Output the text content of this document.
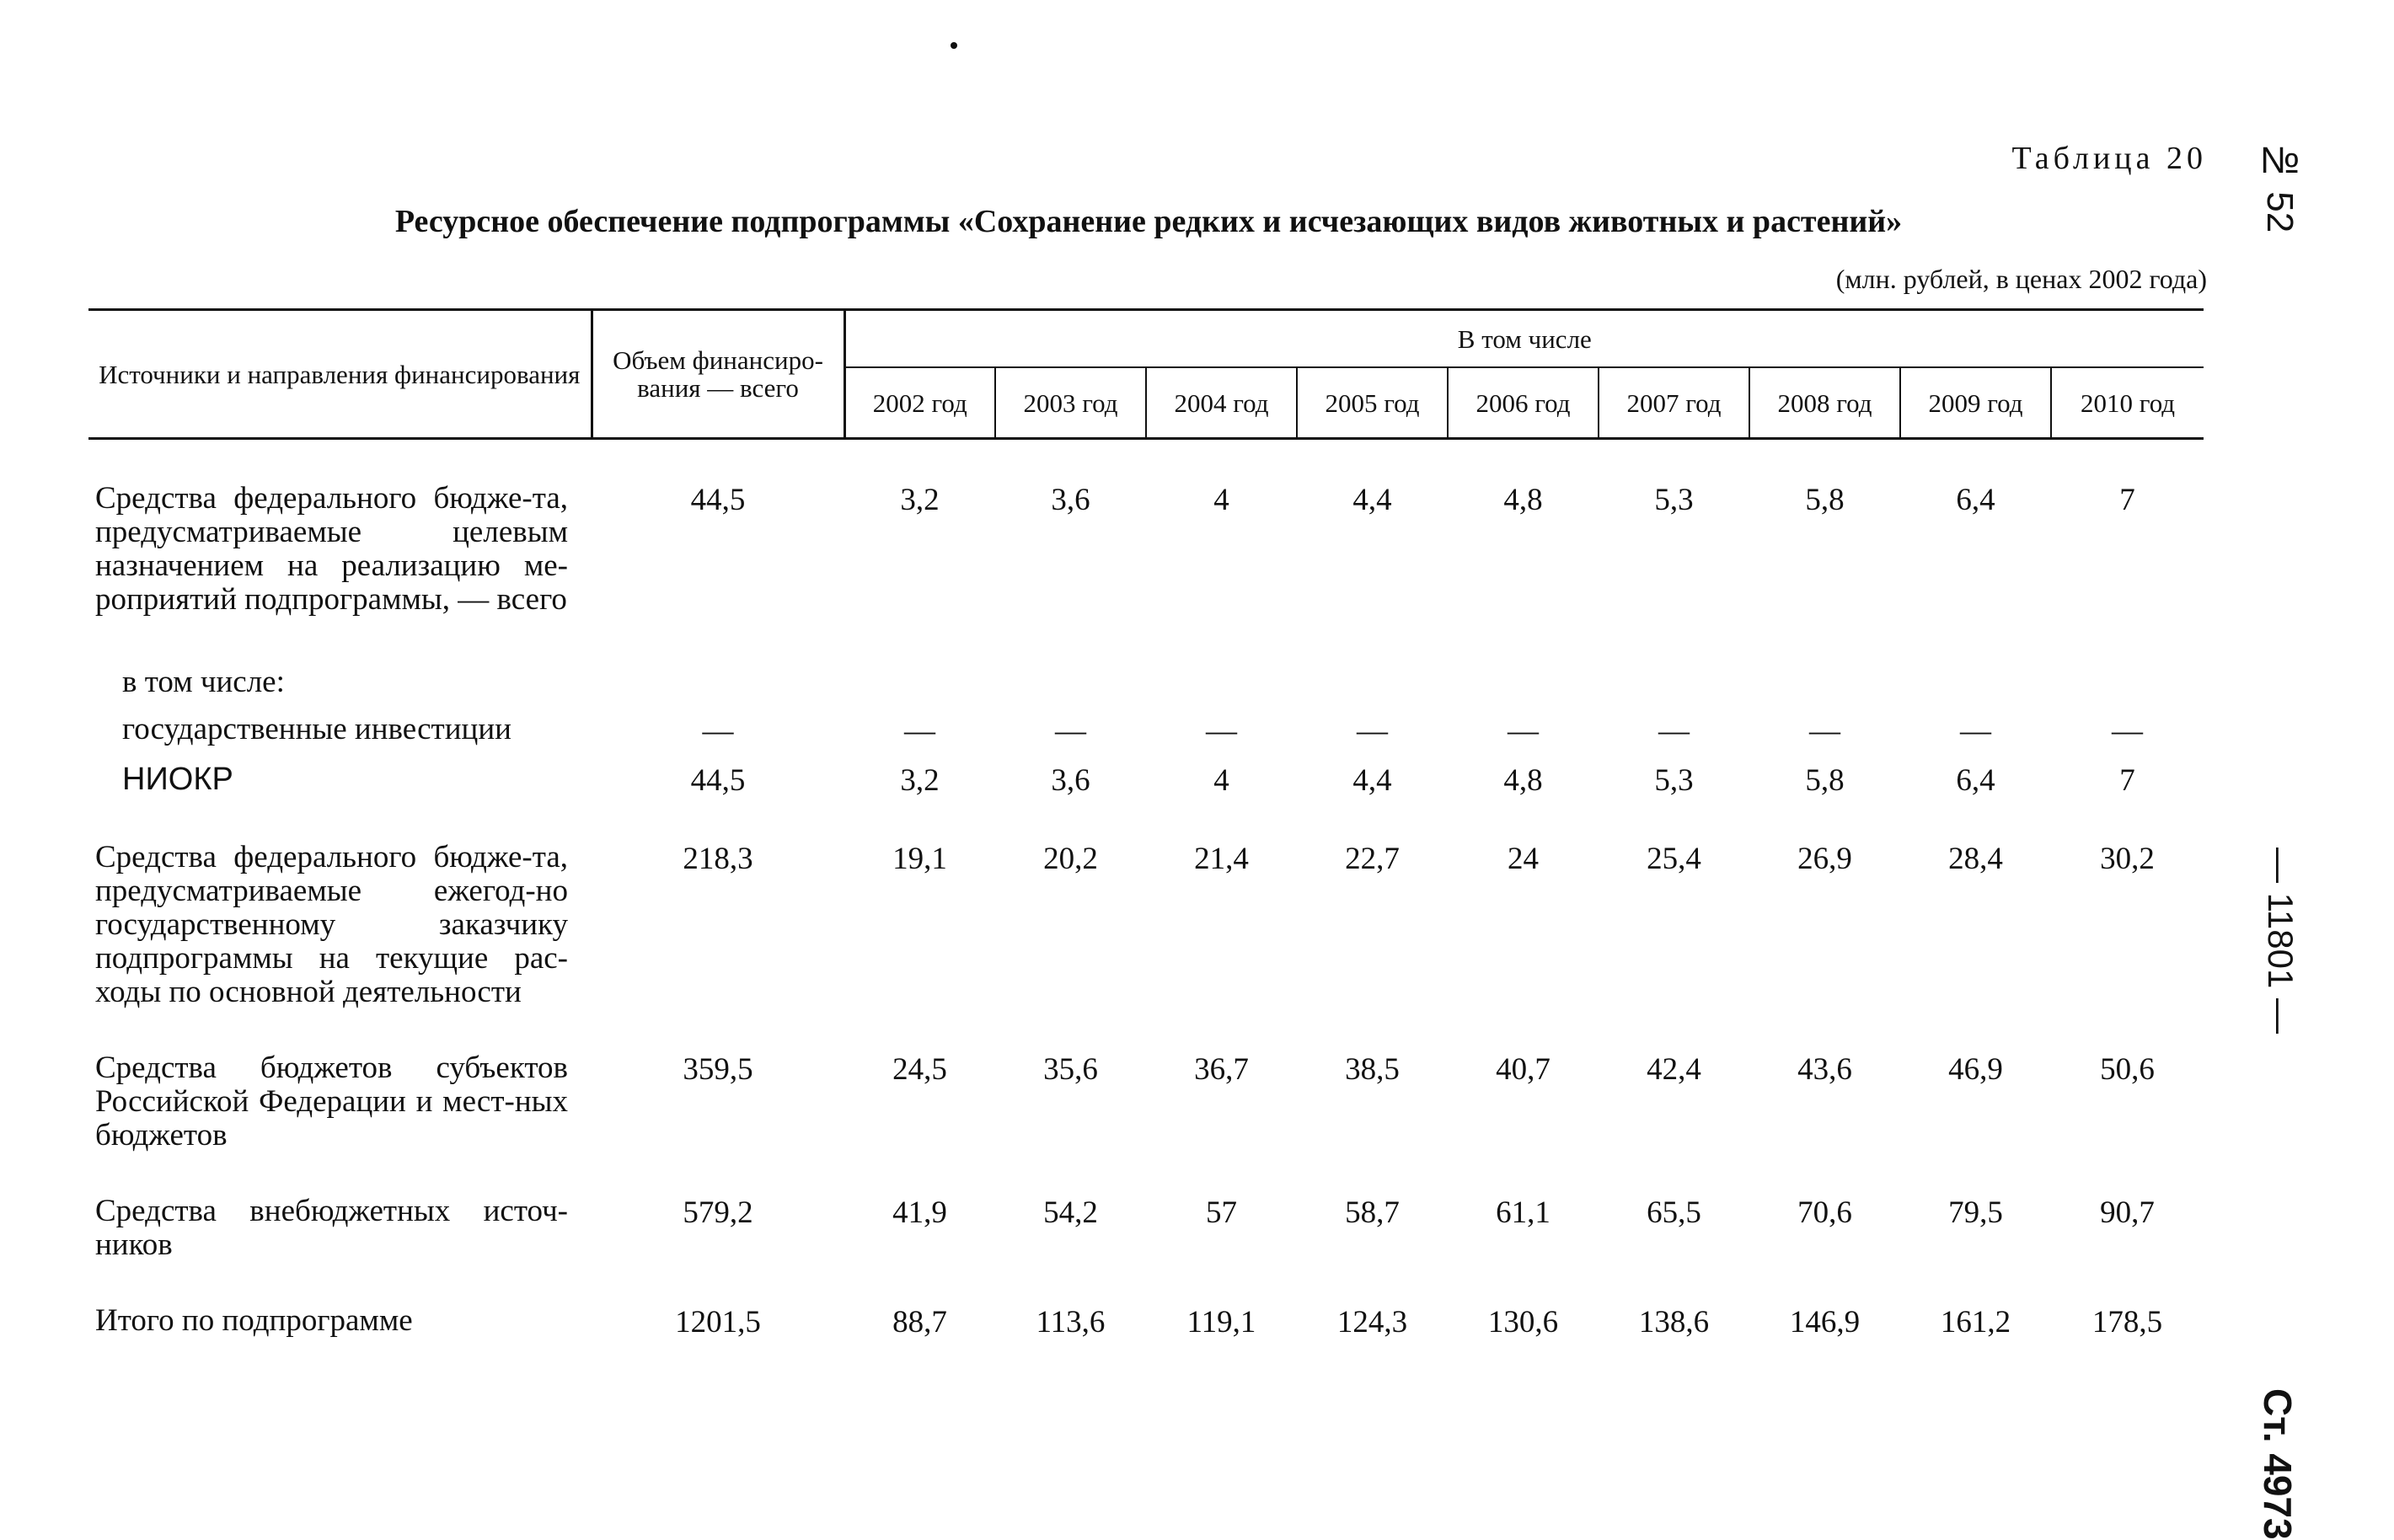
№ 52
— 11801 —
Ст. 4973
Таблица 20
Ресурсное обеспечение подпрограммы «Сохранение редких и исчезающих видов животных и растений»
(млн. рублей, в ценах 2002 года)
Источники и направления финансирования	Объем финансиро-вания — всего	В том числе								
		2002 год	2003 год	2004 год	2005 год	2006 год	2007 год	2008 год	2009 год	2010 год
Средства федерального бюдже-та, предусматриваемые целевым назначением на реализацию ме-роприятий подпрограммы, — всего	44,5	3,2	3,6	4	4,4	4,8	5,3	5,8	6,4	7
в том числе:										
государственные инвестиции	—	—	—	—	—	—	—	—	—	—
НИОКР	44,5	3,2	3,6	4	4,4	4,8	5,3	5,8	6,4	7
Средства федерального бюдже-та, предусматриваемые ежегод-но государственному заказчику подпрограммы на текущие рас-ходы по основной деятельности	218,3	19,1	20,2	21,4	22,7	24	25,4	26,9	28,4	30,2
Средства бюджетов субъектов Российской Федерации и мест-ных бюджетов	359,5	24,5	35,6	36,7	38,5	40,7	42,4	43,6	46,9	50,6
Средства внебюджетных источ-ников	579,2	41,9	54,2	57	58,7	61,1	65,5	70,6	79,5	90,7
Итого по подпрограмме	1201,5	88,7	113,6	119,1	124,3	130,6	138,6	146,9	161,2	178,5
